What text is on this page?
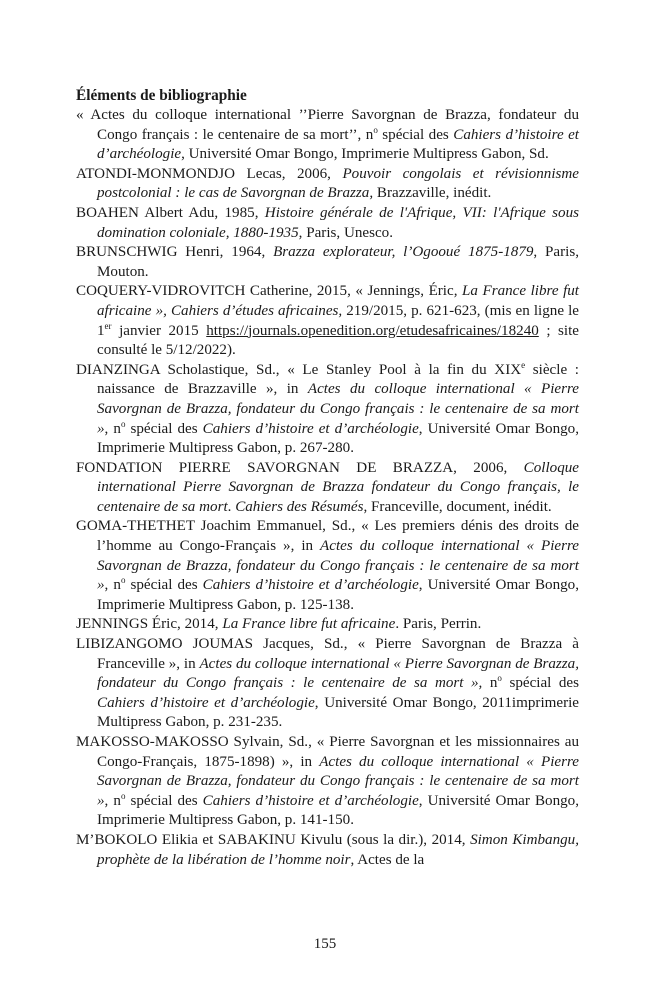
Éléments de bibliographie
« Actes du colloque international ’’Pierre Savorgnan de Brazza, fondateur du Congo français : le centenaire de sa mort’’, $n^o$ spécial des Cahiers d’histoire et d’archéologie, Université Omar Bongo, Imprimerie Multipress Gabon, Sd.
ATONDI-MONMONDJO Lecas, 2006, Pouvoir congolais et révisionnisme postcolonial : le cas de Savorgnan de Brazza, Brazzaville, inédit.
BOAHEN Albert Adu, 1985, Histoire générale de l'Afrique, VII: l'Afrique sous domination coloniale, 1880-1935, Paris, Unesco.
BRUNSCHWIG Henri, 1964, Brazza explorateur, l’Ogooué 1875-1879, Paris, Mouton.
COQUERY-VIDROVITCH Catherine, 2015, « Jennings, Éric, La France libre fut africaine », Cahiers d’études africaines, 219/2015, p. 621-623, (mis en ligne le 1er janvier 2015 https://journals.openedition.org/etudesafricaines/18240 ; site consulté le 5/12/2022).
DIANZINGA Scholastique, Sd., « Le Stanley Pool à la fin du XIXe siècle : naissance de Brazzaville », in Actes du colloque international « Pierre Savorgnan de Brazza, fondateur du Congo français : le centenaire de sa mort », $n^o$ spécial des Cahiers d’histoire et d’archéologie, Université Omar Bongo, Imprimerie Multipress Gabon, p. 267-280.
FONDATION PIERRE SAVORGNAN DE BRAZZA, 2006, Colloque international Pierre Savorgnan de Brazza fondateur du Congo français, le centenaire de sa mort. Cahiers des Résumés, Franceville, document, inédit.
GOMA-THETHET Joachim Emmanuel, Sd., « Les premiers dénis des droits de l’homme au Congo-Français », in Actes du colloque international « Pierre Savorgnan de Brazza, fondateur du Congo français : le centenaire de sa mort », $n^o$ spécial des Cahiers d’histoire et d’archéologie, Université Omar Bongo, Imprimerie Multipress Gabon, p. 125-138.
JENNINGS Éric, 2014, La France libre fut africaine. Paris, Perrin.
LIBIZANGOMO JOUMAS Jacques, Sd., « Pierre Savorgnan de Brazza à Franceville », in Actes du colloque international « Pierre Savorgnan de Brazza, fondateur du Congo français : le centenaire de sa mort », $n^o$ spécial des Cahiers d’histoire et d’archéologie, Université Omar Bongo, 2011imprimerie Multipress Gabon, p. 231-235.
MAKOSSO-MAKOSSO Sylvain, Sd., « Pierre Savorgnan et les missionnaires au Congo-Français, 1875-1898) », in Actes du colloque international « Pierre Savorgnan de Brazza, fondateur du Congo français : le centenaire de sa mort », $n^o$ spécial des Cahiers d’histoire et d’archéologie, Université Omar Bongo, Imprimerie Multipress Gabon, p. 141-150.
M’BOKOLO Elikia et SABAKINU Kivulu (sous la dir.), 2014, Simon Kimbangu, prophète de la libération de l’homme noir, Actes de la
155
